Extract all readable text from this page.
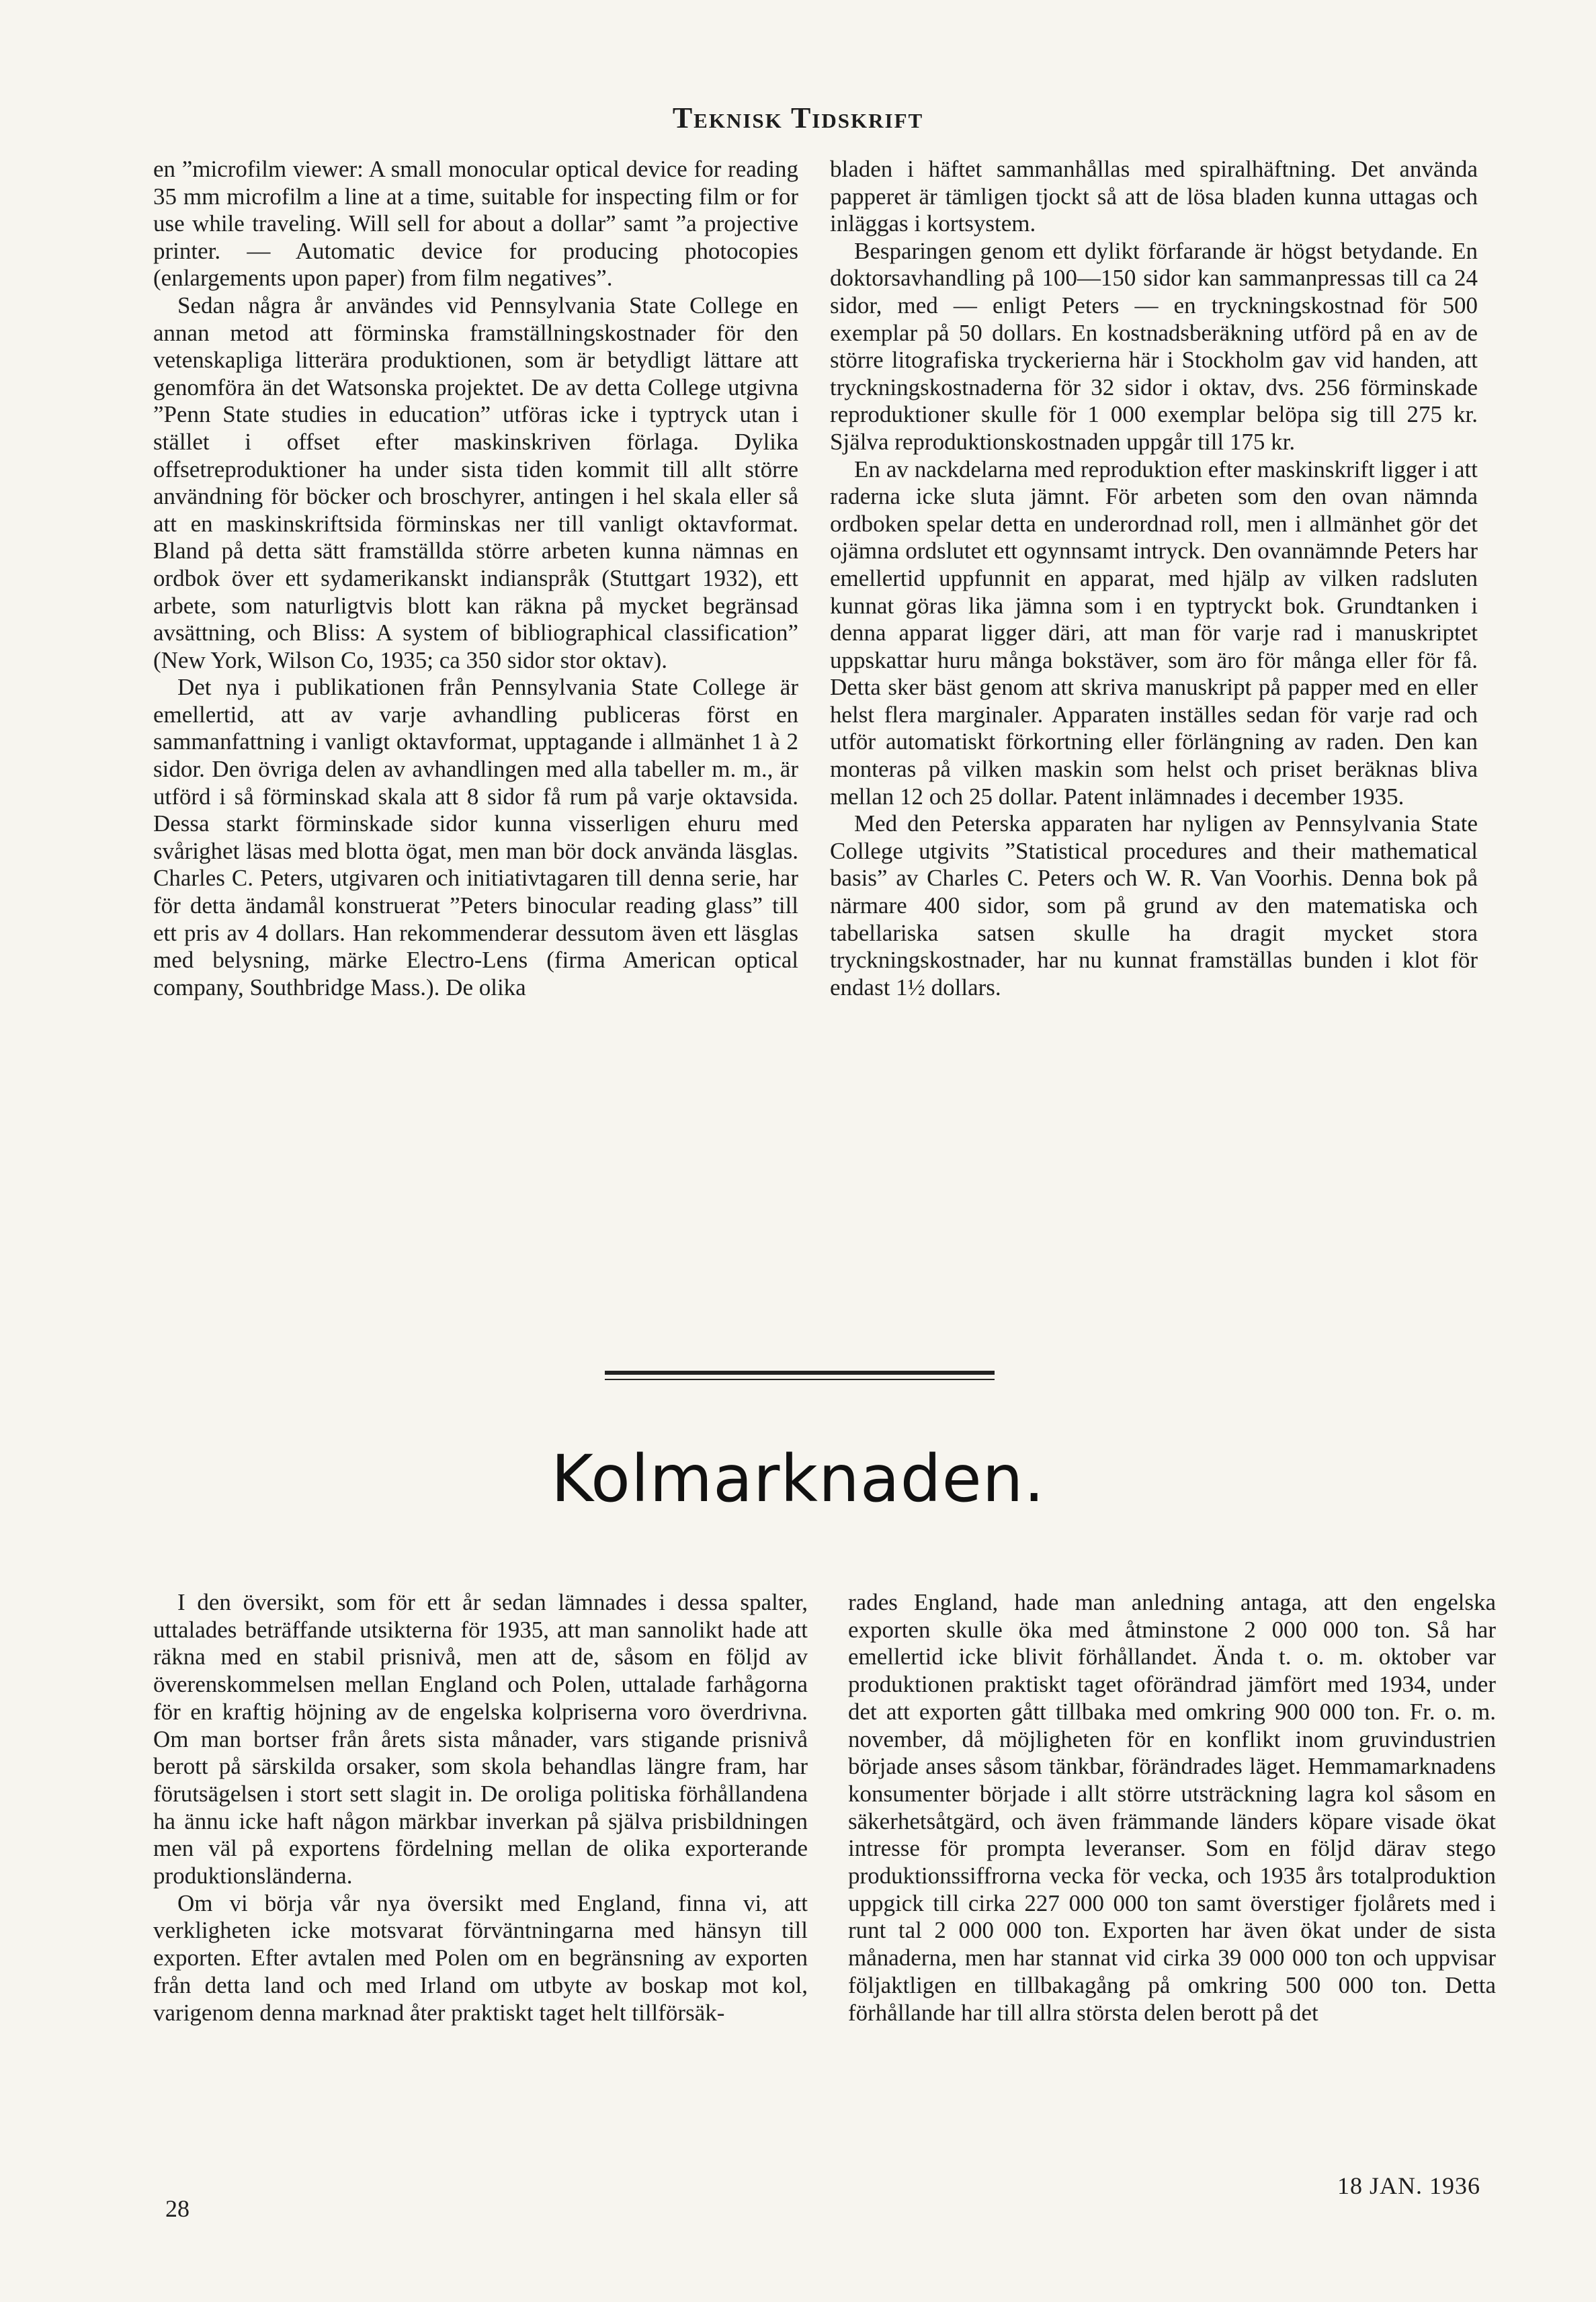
Teknisk Tidskrift

en ”microfilm viewer: A small monocular optical device for reading 35 mm microfilm a line at a time, suitable for inspecting film or for use while traveling. Will sell for about a dollar” samt ”a projective printer. — Automatic device for producing photocopies (enlargements upon paper) from film negatives”.

Sedan några år användes vid Pennsylvania State College en annan metod att förminska framställningskostnader för den vetenskapliga litterära produktionen, som är betydligt lättare att genomföra än det Watsonska projektet. De av detta College utgivna ”Penn State studies in education” utföras icke i typtryck utan i stället i offset efter maskinskriven förlaga. Dylika offsetreproduktioner ha under sista tiden kommit till allt större användning för böcker och broschyrer, antingen i hel skala eller så att en maskinskriftsida förminskas ner till vanligt oktavformat. Bland på detta sätt framställda större arbeten kunna nämnas en ordbok över ett sydamerikanskt indianspråk (Stuttgart 1932), ett arbete, som naturligtvis blott kan räkna på mycket begränsad avsättning, och Bliss: A system of bibliographical classification” (New York, Wilson Co, 1935; ca 350 sidor stor oktav).

Det nya i publikationen från Pennsylvania State College är emellertid, att av varje avhandling publiceras först en sammanfattning i vanligt oktavformat, upptagande i allmänhet 1 à 2 sidor. Den övriga delen av avhandlingen med alla tabeller m. m., är utförd i så förminskad skala att 8 sidor få rum på varje oktavsida. Dessa starkt förminskade sidor kunna visserligen ehuru med svårighet läsas med blotta ögat, men man bör dock använda läsglas. Charles C. Peters, utgivaren och initiativtagaren till denna serie, har för detta ändamål konstruerat ”Peters binocular reading glass” till ett pris av 4 dollars. Han rekommenderar dessutom även ett läsglas med belysning, märke Electro-Lens (firma American optical company, Southbridge Mass.). De olika

bladen i häftet sammanhållas med spiralhäftning. Det använda papperet är tämligen tjockt så att de lösa bladen kunna uttagas och inläggas i kortsystem.

Besparingen genom ett dylikt förfarande är högst betydande. En doktorsavhandling på 100—150 sidor kan sammanpressas till ca 24 sidor, med — enligt Peters — en tryckningskostnad för 500 exemplar på 50 dollars. En kostnadsberäkning utförd på en av de större litografiska tryckerierna här i Stockholm gav vid handen, att tryckningskostnaderna för 32 sidor i oktav, dvs. 256 förminskade reproduktioner skulle för 1 000 exemplar belöpa sig till 275 kr. Själva reproduktionskostnaden uppgår till 175 kr.

En av nackdelarna med reproduktion efter maskinskrift ligger i att raderna icke sluta jämnt. För arbeten som den ovan nämnda ordboken spelar detta en underordnad roll, men i allmänhet gör det ojämna ordslutet ett ogynnsamt intryck. Den ovannämnde Peters har emellertid uppfunnit en apparat, med hjälp av vilken radsluten kunnat göras lika jämna som i en typtryckt bok. Grundtanken i denna apparat ligger däri, att man för varje rad i manuskriptet uppskattar huru många bokstäver, som äro för många eller för få. Detta sker bäst genom att skriva manuskript på papper med en eller helst flera marginaler. Apparaten inställes sedan för varje rad och utför automatiskt förkortning eller förlängning av raden. Den kan monteras på vilken maskin som helst och priset beräknas bliva mellan 12 och 25 dollar. Patent inlämnades i december 1935.

Med den Peterska apparaten har nyligen av Pennsylvania State College utgivits ”Statistical procedures and their mathematical basis” av Charles C. Peters och W. R. Van Voorhis. Denna bok på närmare 400 sidor, som på grund av den matematiska och tabellariska satsen skulle ha dragit mycket stora tryckningskostnader, har nu kunnat framställas bunden i klot för endast 1½ dollars.

Kolmarknaden.

I den översikt, som för ett år sedan lämnades i dessa spalter, uttalades beträffande utsikterna för 1935, att man sannolikt hade att räkna med en stabil prisnivå, men att de, såsom en följd av överenskommelsen mellan England och Polen, uttalade farhågorna för en kraftig höjning av de engelska kolpriserna voro överdrivna. Om man bortser från årets sista månader, vars stigande prisnivå berott på särskilda orsaker, som skola behandlas längre fram, har förutsägelsen i stort sett slagit in. De oroliga politiska förhållandena ha ännu icke haft någon märkbar inverkan på själva prisbildningen men väl på exportens fördelning mellan de olika exporterande produktionsländerna.

Om vi börja vår nya översikt med England, finna vi, att verkligheten icke motsvarat förväntningarna med hänsyn till exporten. Efter avtalen med Polen om en begränsning av exporten från detta land och med Irland om utbyte av boskap mot kol, varigenom denna marknad åter praktiskt taget helt tillförsäk-

rades England, hade man anledning antaga, att den engelska exporten skulle öka med åtminstone 2 000 000 ton. Så har emellertid icke blivit förhållandet. Ända t. o. m. oktober var produktionen praktiskt taget oförändrad jämfört med 1934, under det att exporten gått tillbaka med omkring 900 000 ton. Fr. o. m. november, då möjligheten för en konflikt inom gruvindustrien började anses såsom tänkbar, förändrades läget. Hemmamarknadens konsumenter började i allt större utsträckning lagra kol såsom en säkerhetsåtgärd, och även främmande länders köpare visade ökat intresse för prompta leveranser. Som en följd därav stego produktionssiffrorna vecka för vecka, och 1935 års totalproduktion uppgick till cirka 227 000 000 ton samt överstiger fjolårets med i runt tal 2 000 000 ton. Exporten har även ökat under de sista månaderna, men har stannat vid cirka 39 000 000 ton och uppvisar följaktligen en tillbakagång på omkring 500 000 ton. Detta förhållande har till allra största delen berott på det

28
18 JAN. 1936
